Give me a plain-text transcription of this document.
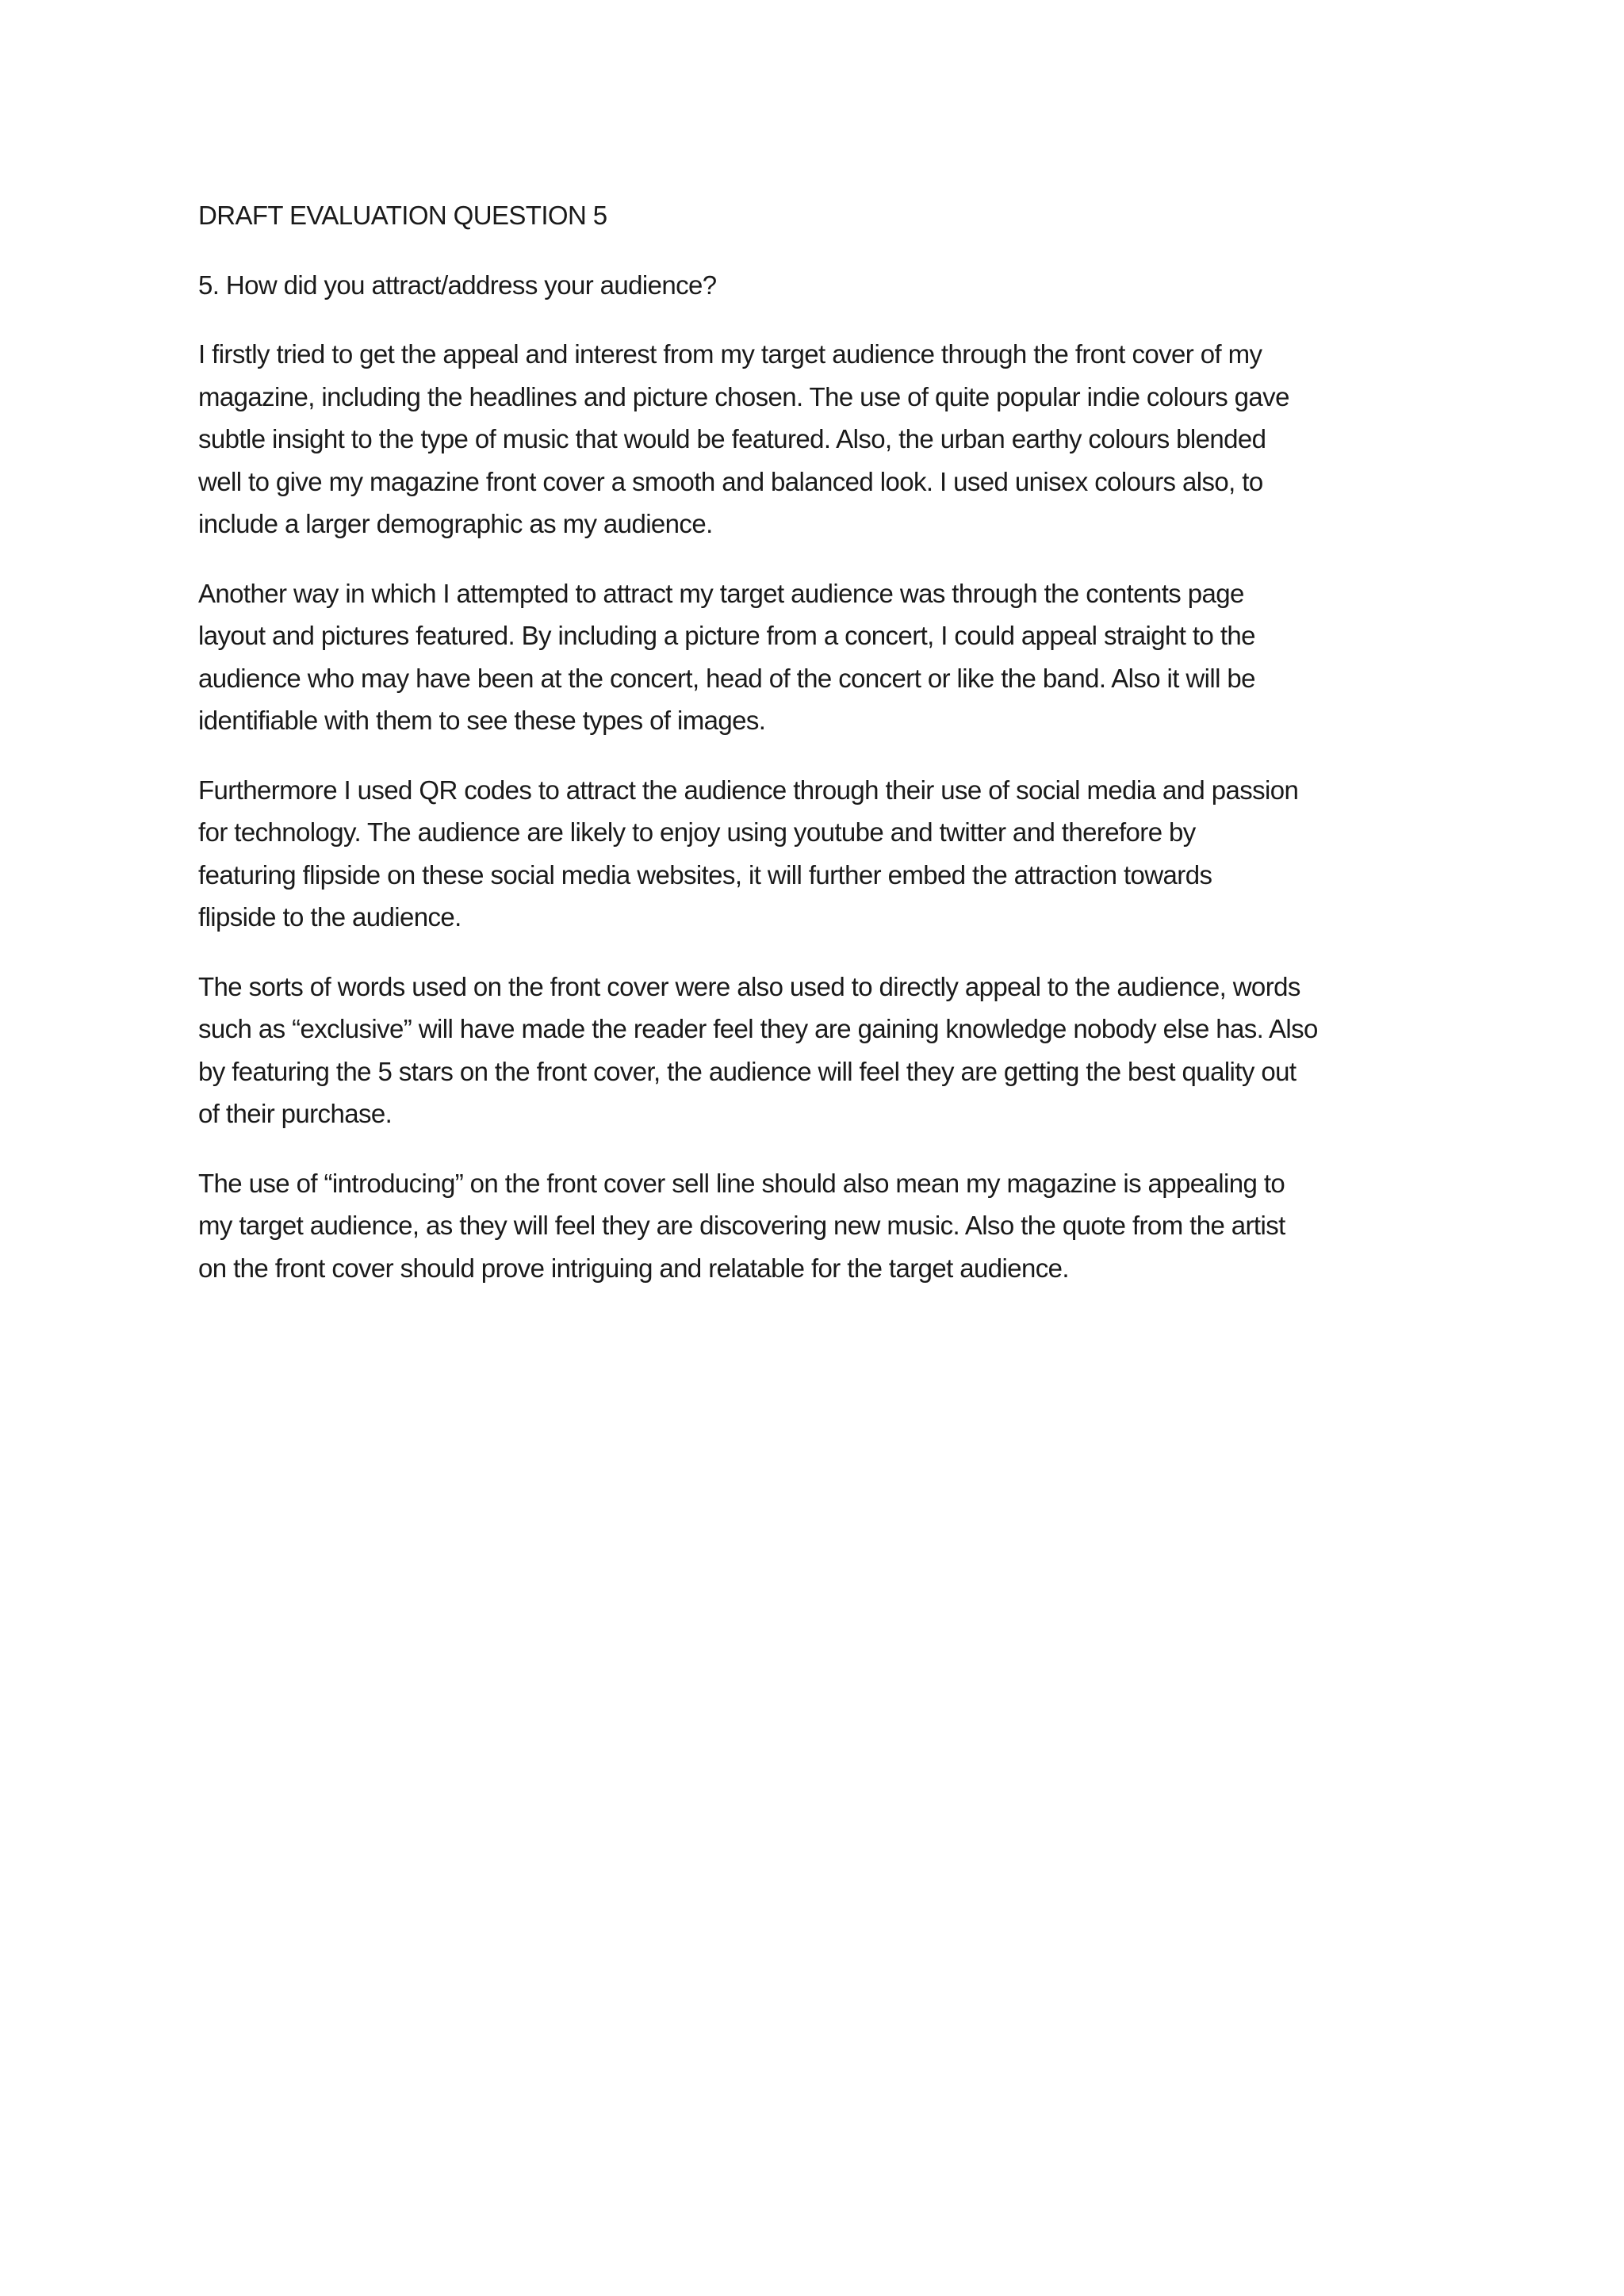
DRAFT EVALUATION QUESTION 5

5. How did you attract/address your audience?

I firstly tried to get the appeal and interest from my target audience through the front cover of my
magazine, including the headlines and picture chosen. The use of quite popular indie colours gave
subtle insight to the type of music that would be featured. Also, the urban earthy colours blended
well to give my magazine front cover a smooth and balanced look. I used unisex colours also, to
include a larger demographic as my audience.

Another way in which I attempted to attract my target audience was through the contents page
layout and pictures featured. By including a picture from a concert, I could appeal straight to the
audience who may have been at the concert, head of the concert or like the band. Also it will be
identifiable with them to see these types of images.

Furthermore I used QR codes to attract the audience through their use of social media and passion
for technology. The audience are likely to enjoy using youtube and twitter and therefore by
featuring flipside on these social media websites, it will further embed the attraction towards
flipside to the audience.

The sorts of words used on the front cover were also used to directly appeal to the audience, words
such as “exclusive” will have made the reader feel they are gaining knowledge nobody else has. Also
by featuring the 5 stars on the front cover, the audience will feel they are getting the best quality out
of their purchase.

The use of “introducing” on the front cover sell line should also mean my magazine is appealing to
my target audience, as they will feel they are discovering new music. Also the quote from the artist
on the front cover should prove intriguing and relatable for the target audience.
